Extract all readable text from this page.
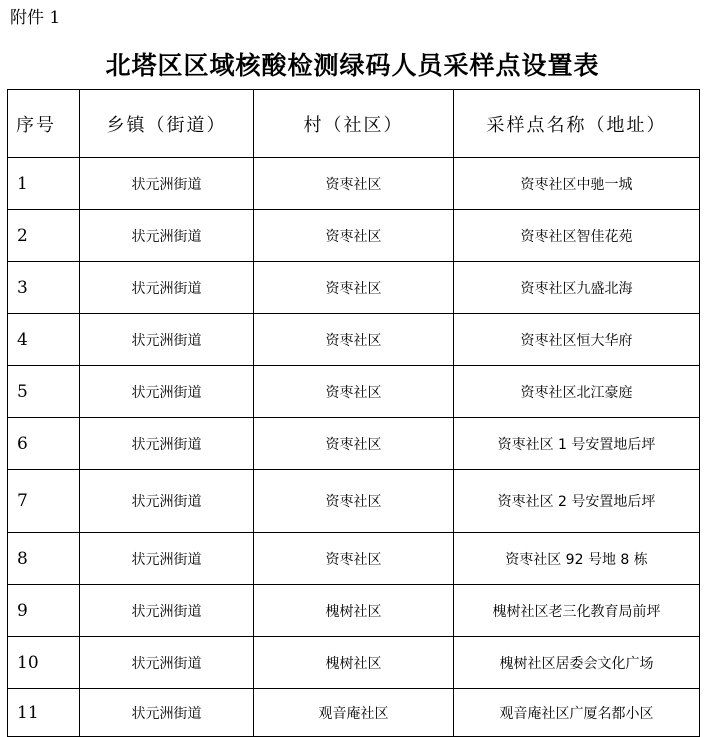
附件 1
北塔区区域核酸检测绿码人员采样点设置表
序号	乡镇（街道）	村（社区）	采样点名称（地址）
1	状元洲街道	资枣社区	资枣社区中驰一城
2	状元洲街道	资枣社区	资枣社区智佳花苑
3	状元洲街道	资枣社区	资枣社区九盛北海
4	状元洲街道	资枣社区	资枣社区恒大华府
5	状元洲街道	资枣社区	资枣社区北江豪庭
6	状元洲街道	资枣社区	资枣社区 1 号安置地后坪
7	状元洲街道	资枣社区	资枣社区 2 号安置地后坪
8	状元洲街道	资枣社区	资枣社区 92 号地 8 栋
9	状元洲街道	槐树社区	槐树社区老三化教育局前坪
10	状元洲街道	槐树社区	槐树社区居委会文化广场
11	状元洲街道	观音庵社区	观音庵社区广厦名都小区
